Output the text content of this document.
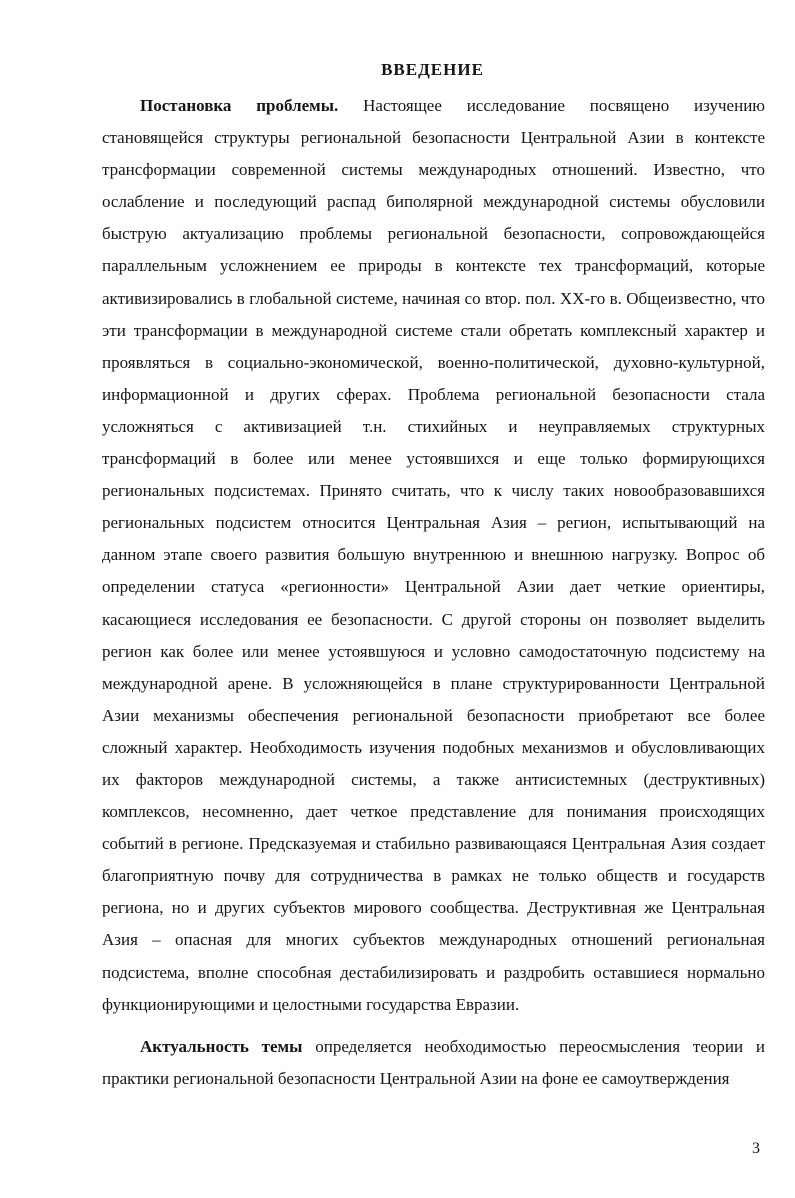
ВВЕДЕНИЕ

Постановка проблемы. Настоящее исследование посвящено изучению становящейся структуры региональной безопасности Центральной Азии в контексте трансформации современной системы международных отношений. Известно, что ослабление и последующий распад биполярной международной системы обусловили быструю актуализацию проблемы региональной безопасности, сопровождающейся параллельным усложнением ее природы в контексте тех трансформаций, которые активизировались в глобальной системе, начиная со втор. пол. XX-го в. Общеизвестно, что эти трансформации в международной системе стали обретать комплексный характер и проявляться в социально-экономической, военно-политической, духовно-культурной, информационной и других сферах. Проблема региональной безопасности стала усложняться с активизацией т.н. стихийных и неуправляемых структурных трансформаций в более или менее устоявшихся и еще только формирующихся региональных подсистемах. Принято считать, что к числу таких новообразовавшихся региональных подсистем относится Центральная Азия – регион, испытывающий на данном этапе своего развития большую внутреннюю и внешнюю нагрузку. Вопрос об определении статуса «регионности» Центральной Азии дает четкие ориентиры, касающиеся исследования ее безопасности. С другой стороны он позволяет выделить регион как более или менее устоявшуюся и условно самодостаточную подсистему на международной арене. В усложняющейся в плане структурированности Центральной Азии механизмы обеспечения региональной безопасности приобретают все более сложный характер. Необходимость изучения подобных механизмов и обусловливающих их факторов международной системы, а также антисистемных (деструктивных) комплексов, несомненно, дает четкое представление для понимания происходящих событий в регионе. Предсказуемая и стабильно развивающаяся Центральная Азия создает благоприятную почву для сотрудничества в рамках не только обществ и государств региона, но и других субъектов мирового сообщества. Деструктивная же Центральная Азия – опасная для многих субъектов международных отношений региональная подсистема, вполне способная дестабилизировать и раздробить оставшиеся нормально функционирующими и целостными государства Евразии.

Актуальность темы определяется необходимостью переосмысления теории и практики региональной безопасности Центральной Азии на фоне ее самоутверждения

3
